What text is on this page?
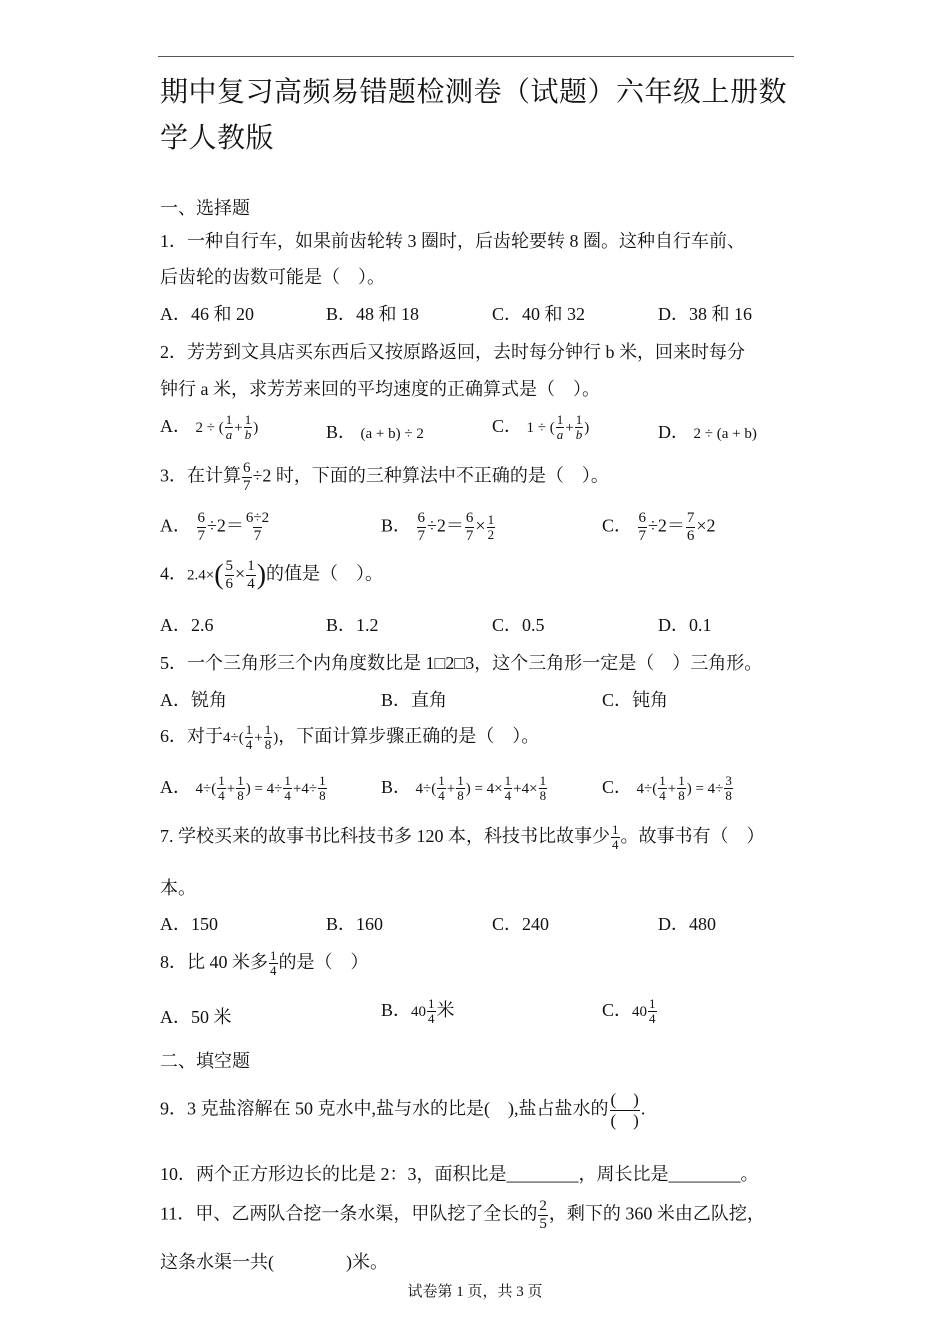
期中复习高频易错题检测卷（试题）六年级上册数学人教版
一、选择题
1．一种自行车，如果前齿轮转 3 圈时，后齿轮要转 8 圈。这种自行车前、
后齿轮的齿数可能是（　）。
A．46 和 20	B．48 和 18	C．40 和 32	D．38 和 16
2．芳芳到文具店买东西后又按原路返回，去时每分钟行 b 米，回来时每分
钟行 a 米，求芳芳来回的平均速度的正确算式是（　）。
A． 2 ÷ ( $\frac{1}{a} + \frac{1}{b}$ )	B． (a + b) ÷ 2	C． 1 ÷ ( $\frac{1}{a} + \frac{1}{b}$ )	D． 2 ÷ (a + b)
3．在计算 $\frac{6}{7} \div 2$ 时，下面的三种算法中不正确的是（　）。
A． $\frac{6}{7} \div 2= \frac{6\div 2}{7}$	B． $\frac{6}{7} \div 2= \frac{6}{7} \times \frac{1}{2}$	C． $\frac{6}{7} \div 2= \frac{7}{6} \times 2$
4．$2.4\times( \frac{5}{6} \times \frac{1}{4}$ )的值是（　）。
A．2.6	B．1.2	C．0.5	D．0.1
5．一个三角形三个内角度数比是 1□2□3，这个三角形一定是（　）三角形。
A．锐角	B．直角	C．钝角
6．对于$4\div( \frac{1}{4} + \frac{1}{8}$ )，下面计算步骤正确的是（　）。
A． $4\div( \frac{1}{4} + \frac{1}{8}$ ) = $4\div \frac{1}{4} +4\div \frac{1}{8}$	B． $4\div( \frac{1}{4} + \frac{1}{8}$ ) = $4\times \frac{1}{4} +4\times \frac{1}{8}$	C． $4\div( \frac{1}{4} + \frac{1}{8}$ ) = $4\div \frac{3}{8}$
7. 学校买来的故事书比科技书多 120 本，科技书比故事少 $\frac{1}{4}$ 。故事书有（　）
本。
A．150	B．160	C．240	D．480
8．比 40 米多 $\frac{1}{4}$ 的是（　）
A．50 米	B．$40 \frac{1}{4}$ 米	C．$40 \frac{1}{4}$
二、填空题
9．3 克盐溶解在 50 克水中,盐与水的比是(　),盐占盐水的 $\frac{( )}{( )}$ .
10．两个正方形边长的比是 2：3，面积比是________，周长比是________。
11．甲、乙两队合挖一条水渠，甲队挖了全长的 $\frac{2}{5}$ ，剩下的 360 米由乙队挖，
这条水渠一共(　　　　)米。
试卷第 1 页，共 3 页
